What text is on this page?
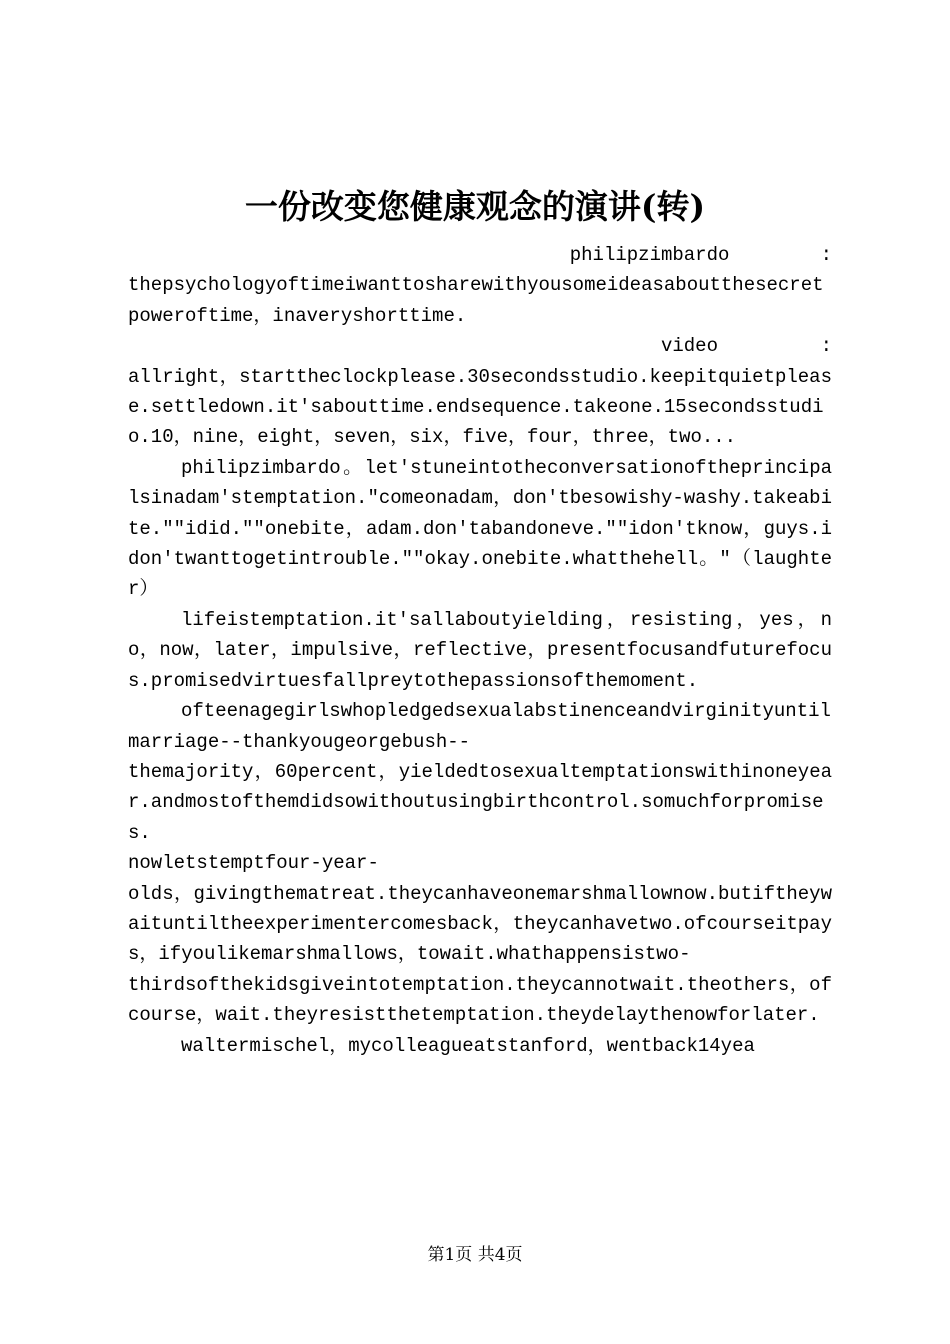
一份改变您健康观念的演讲(转)

philipzimbardo        :

thepsychologyoftimeiwanttosharewithyousomeideasaboutthesecretpoweroftime，inaveryshorttime.

video         :

allright，starttheclockplease.30secondsstudio.keepitquietplease.settledown.it'sabouttime.endsequence.takeone.15secondsstudio.10，nine，eight，seven，six，five，four，three，two...

philipzimbardo。let'stuneintotheconversationoftheprincipalsinadam'stemptation."comeonadam，don'tbesowishy-washy.takeabite.""idid.""onebite，adam.don'tabandoneve.""idon'tknow，guys.idon'twanttogetintrouble.""okay.onebite.whatthehell。"（laughter）

lifeistemptation.it'sallaboutyielding，resisting，yes，no，now，later，impulsive，reflective，presentfocusandfuturefocus.promisedvirtuesfallpreytothepassionsofthemoment.

ofteenagegirlswhopledgedsexualabstinenceandvirginityuntilmarriage--thankyougeorgebush--
themajority，60percent，yieldedtosexualtemptationswithinoneyear.andmostofthemdidsowithoutusingbirthcontrol.somuchforpromises.

nowletstemptfour-year-
olds，givingthematreat.theycanhaveonemarshmallownow.butiftheywaituntiltheexperimentercomesback，theycanhavetwo.ofcourseitpays，ifyoulikemarshmallows，towait.whathappensistwo-
thirdsofthekidsgiveintotemptation.theycannotwait.theothers，ofcourse，wait.theyresistthetemptation.theydelaythenowforlater.

waltermischel，mycolleagueatstanford，wentback14yea

第1页 共4页
